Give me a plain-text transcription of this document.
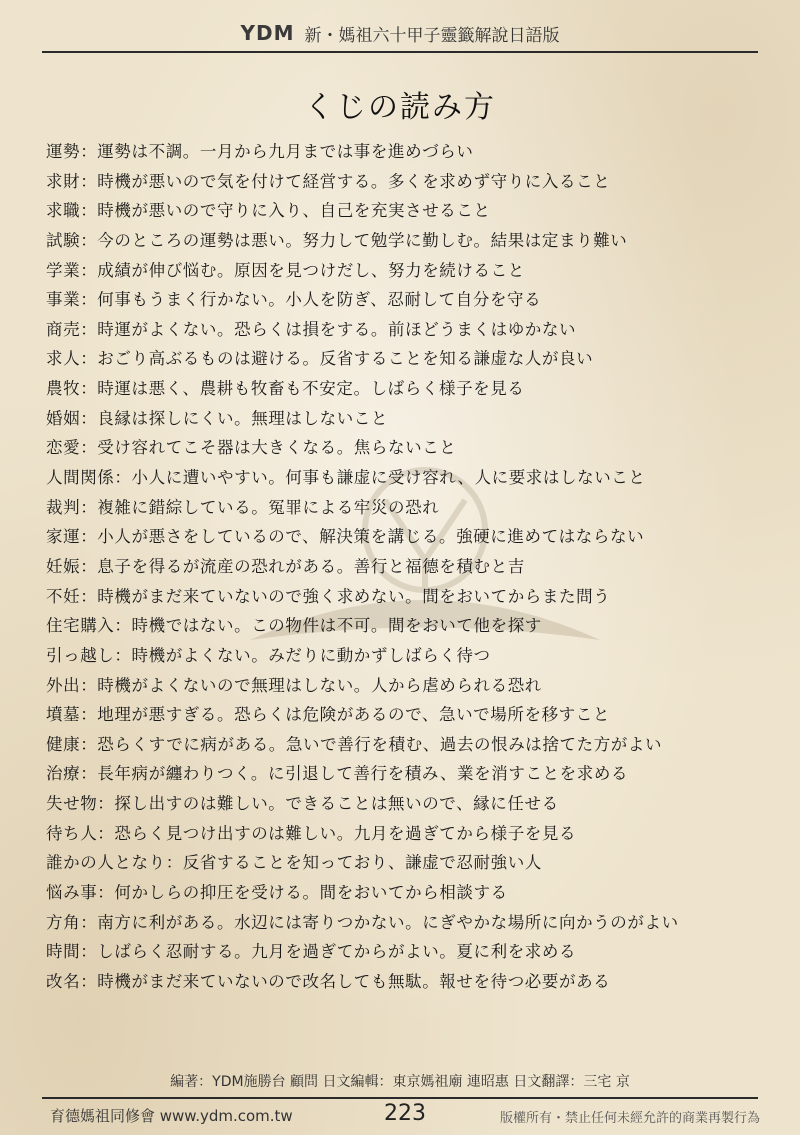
YDM 新・媽祖六十甲子靈籤解說日語版
くじの読み方
運勢：運勢は不調。一月から九月までは事を進めづらい
求財：時機が悪いので気を付けて経営する。多くを求めず守りに入ること
求職：時機が悪いので守りに入り、自己を充実させること
試験：今のところの運勢は悪い。努力して勉学に勤しむ。結果は定まり難い
学業：成績が伸び悩む。原因を見つけだし、努力を続けること
事業：何事もうまく行かない。小人を防ぎ、忍耐して自分を守る
商売：時運がよくない。恐らくは損をする。前ほどうまくはゆかない
求人：おごり高ぶるものは避ける。反省することを知る謙虚な人が良い
農牧：時運は悪く、農耕も牧畜も不安定。しばらく様子を見る
婚姻：良縁は探しにくい。無理はしないこと
恋愛：受け容れてこそ器は大きくなる。焦らないこと
人間関係：小人に遭いやすい。何事も謙虚に受け容れ、人に要求はしないこと
裁判：複雑に錯綜している。冤罪による牢災の恐れ
家運：小人が悪さをしているので、解決策を講じる。強硬に進めてはならない
妊娠：息子を得るが流産の恐れがある。善行と福德を積むと吉
不妊：時機がまだ来ていないので強く求めない。間をおいてからまた問う
住宅購入：時機ではない。この物件は不可。間をおいて他を探す
引っ越し：時機がよくない。みだりに動かずしばらく待つ
外出：時機がよくないので無理はしない。人から虐められる恐れ
墳墓：地理が悪すぎる。恐らくは危険があるので、急いで場所を移すこと
健康：恐らくすでに病がある。急いで善行を積む、過去の恨みは捨てた方がよい
治療：長年病が纏わりつく。に引退して善行を積み、業を消すことを求める
失せ物：探し出すのは難しい。できることは無いので、縁に任せる
待ち人：恐らく見つけ出すのは難しい。九月を過ぎてから様子を見る
誰かの人となり：反省することを知っており、謙虚で忍耐強い人
悩み事：何かしらの抑圧を受ける。間をおいてから相談する
方角：南方に利がある。水辺には寄りつかない。にぎやかな場所に向かうのがよい
時間：しばらく忍耐する。九月を過ぎてからがよい。夏に利を求める
改名：時機がまだ来ていないので改名しても無駄。報せを待つ必要がある
編著：YDM施勝台 顧問 日文編輯：東京媽祖廟 連昭惠 日文翻譯：三宅 京
育德媽祖同修會 www.ydm.com.tw	223	版權所有・禁止任何未經允許的商業再製行為
